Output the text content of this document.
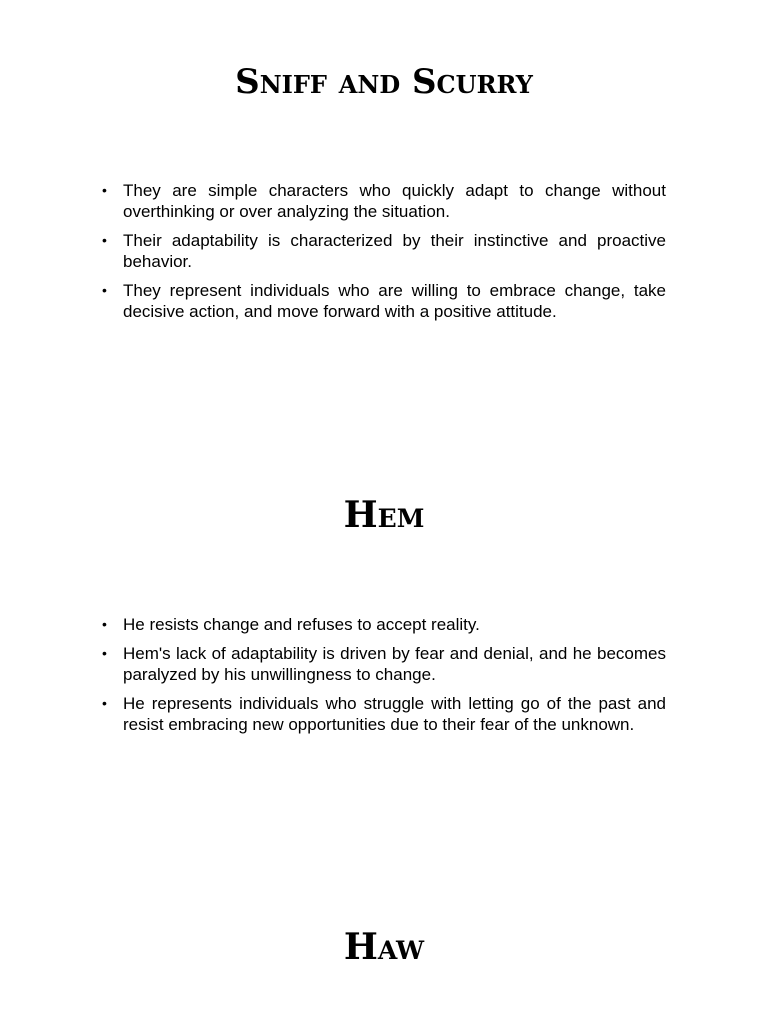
Sniff and Scurry
• They are simple characters who quickly adapt to change without overthinking or over analyzing the situation.
• Their adaptability is characterized by their instinctive and proactive behavior.
• They represent individuals who are willing to embrace change, take decisive action, and move forward with a positive attitude.
Hem
• He resists change and refuses to accept reality.
• Hem's lack of adaptability is driven by fear and denial, and he becomes paralyzed by his unwillingness to change.
• He represents individuals who struggle with letting go of the past and resist embracing new opportunities due to their fear of the unknown.
Haw
